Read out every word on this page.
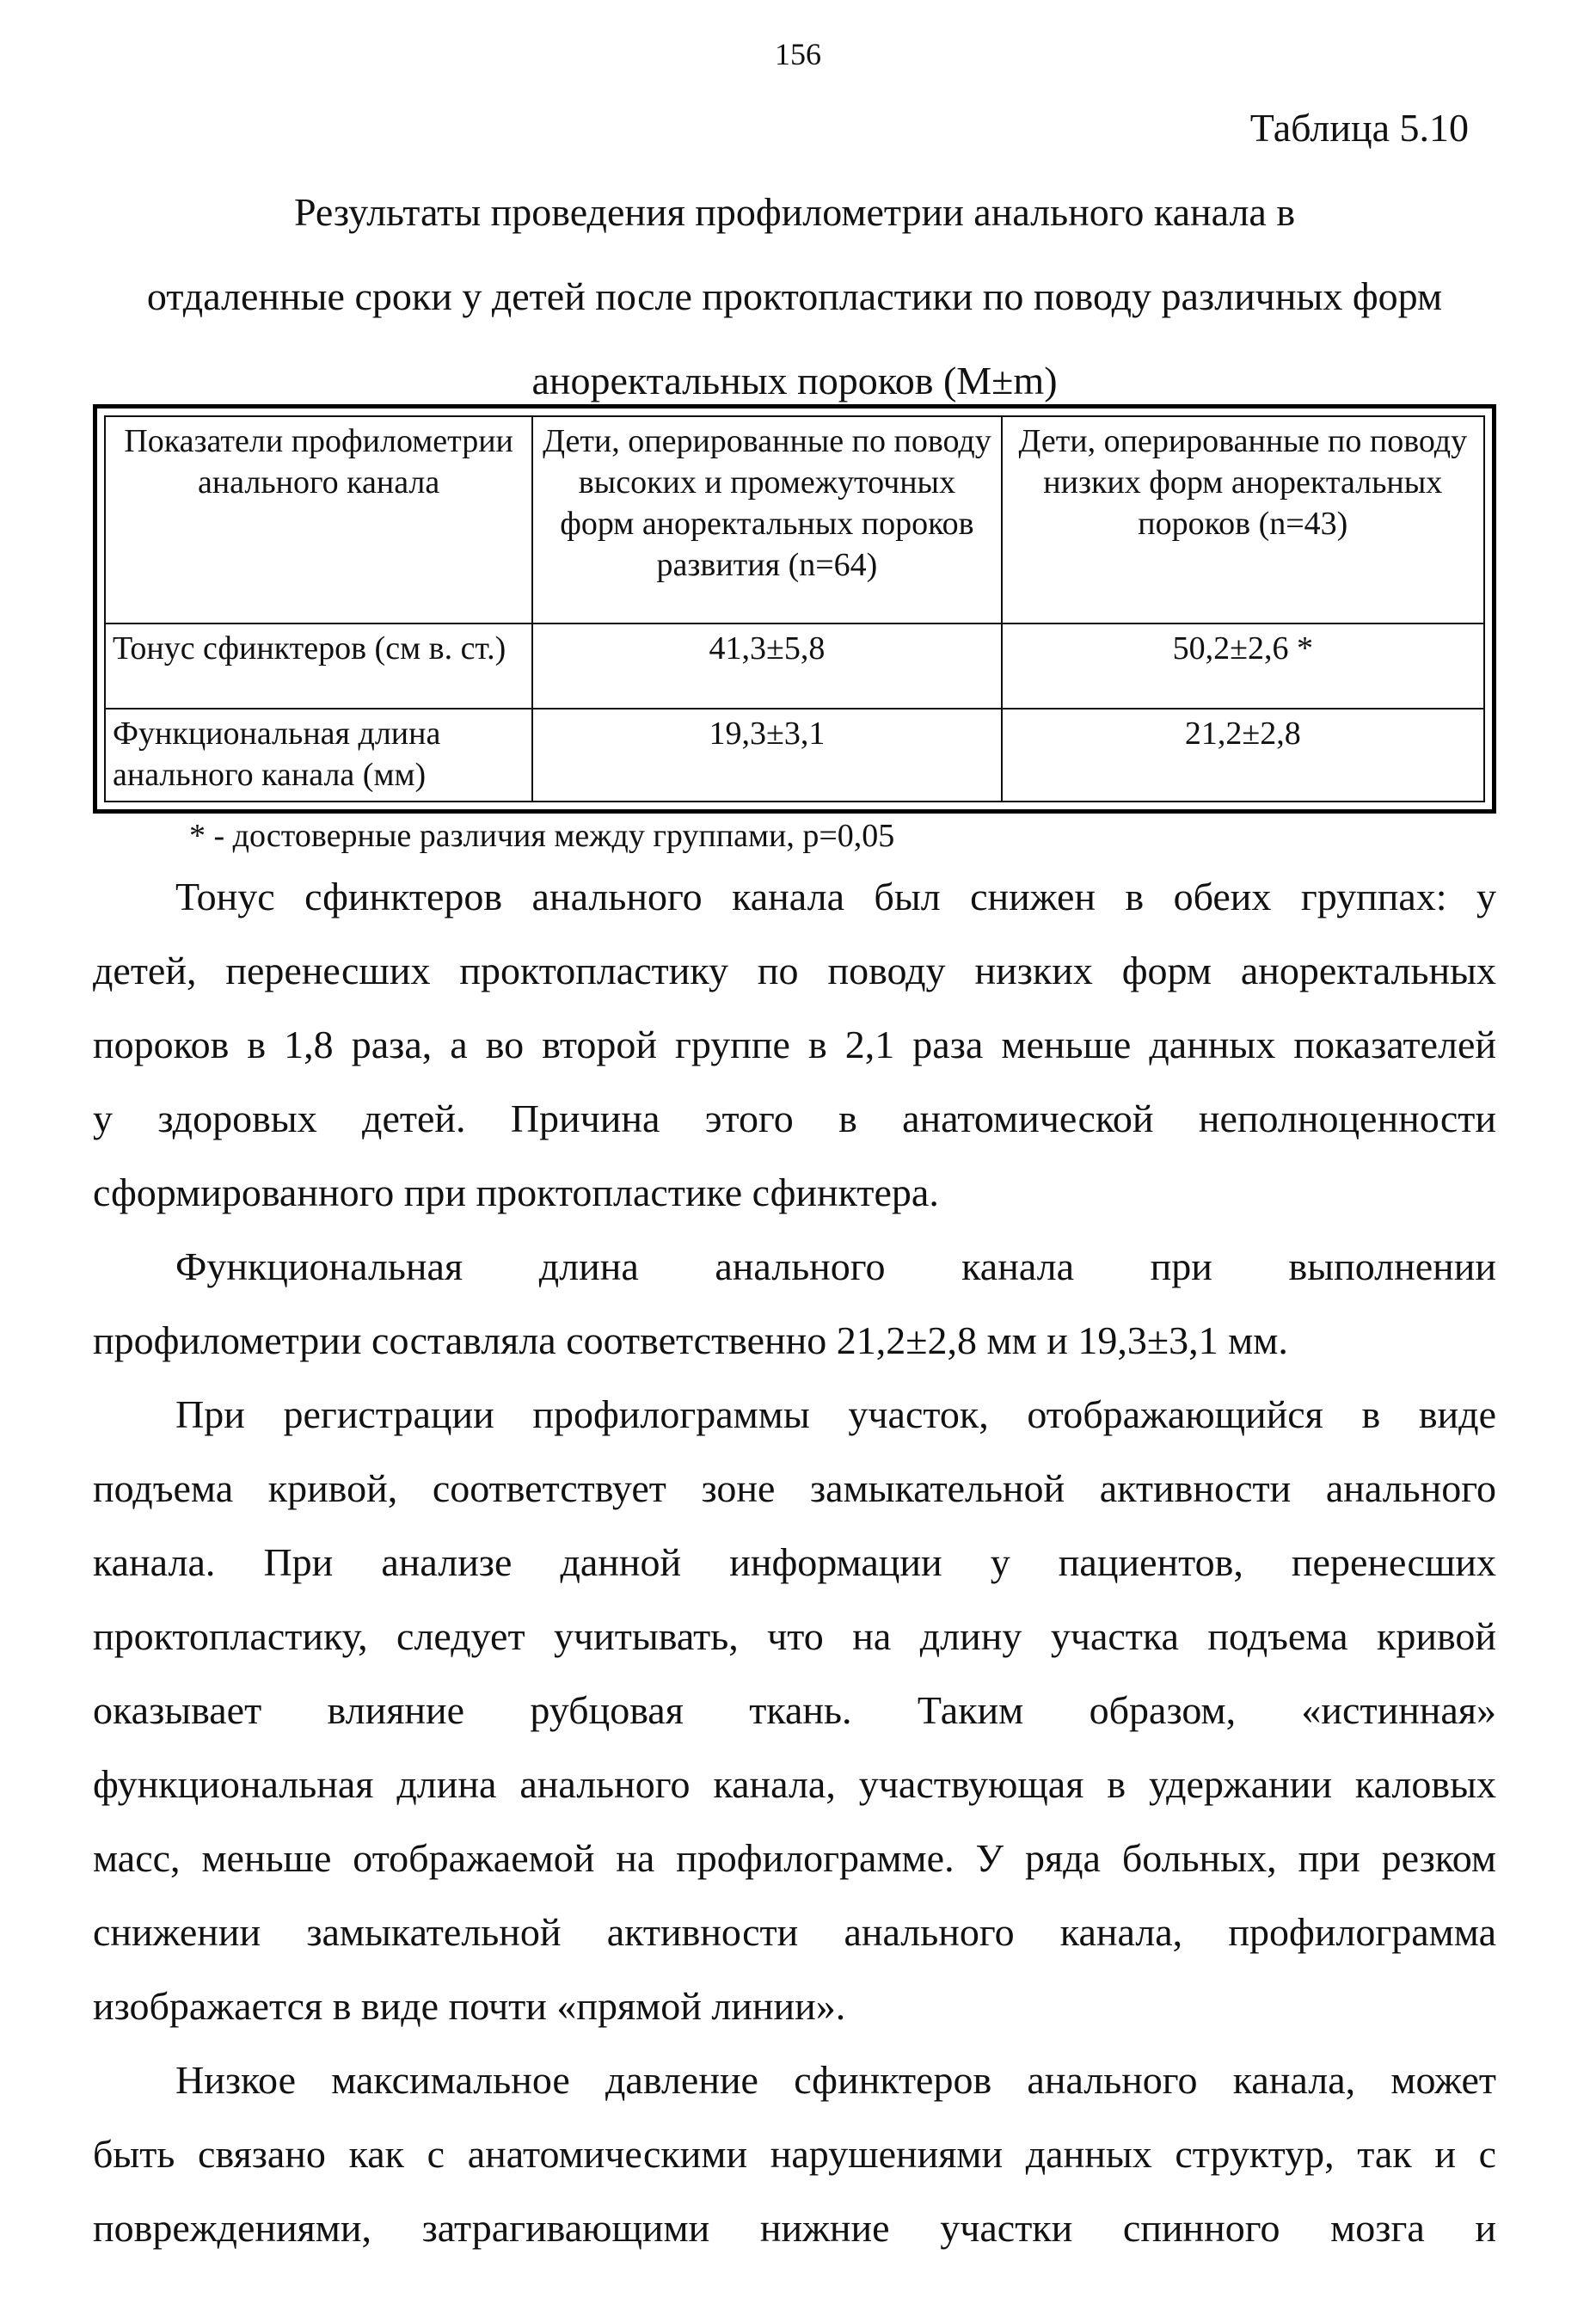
156
Таблица 5.10
Результаты проведения профилометрии анального канала в
отдаленные сроки у детей после проктопластики по поводу различных форм
аноректальных пороков (M±m)
Показатели профилометрии анального канала	Дети, оперированные по поводу высоких и промежуточных форм аноректальных пороков развития (n=64)	Дети, оперированные по поводу низких форм аноректальных пороков (n=43)
Тонус сфинктеров (см в. ст.)	41,3±5,8	50,2±2,6 *
Функциональная длина анального канала (мм)	19,3±3,1	21,2±2,8
* - достоверные различия между группами, р=0,05
Тонус сфинктеров анального канала был снижен в обеих группах: у
детей, перенесших проктопластику по поводу низких форм аноректальных
пороков в 1,8 раза, а во второй группе в 2,1 раза меньше данных показателей
у здоровых детей. Причина этого в анатомической неполноценности
сформированного при проктопластике сфинктера.
Функциональная длина анального канала при выполнении
профилометрии составляла соответственно 21,2±2,8 мм и 19,3±3,1 мм.
При регистрации профилограммы участок, отображающийся в виде
подъема кривой, соответствует зоне замыкательной активности анального
канала. При анализе данной информации у пациентов, перенесших
проктопластику, следует учитывать, что на длину участка подъема кривой
оказывает влияние рубцовая ткань. Таким образом, «истинная»
функциональная длина анального канала, участвующая в удержании каловых
масс, меньше отображаемой на профилограмме. У ряда больных, при резком
снижении замыкательной активности анального канала, профилограмма
изображается в виде почти «прямой линии».
Низкое максимальное давление сфинктеров анального канала, может
быть связано как с анатомическими нарушениями данных структур, так и с
повреждениями, затрагивающими нижние участки спинного мозга и
